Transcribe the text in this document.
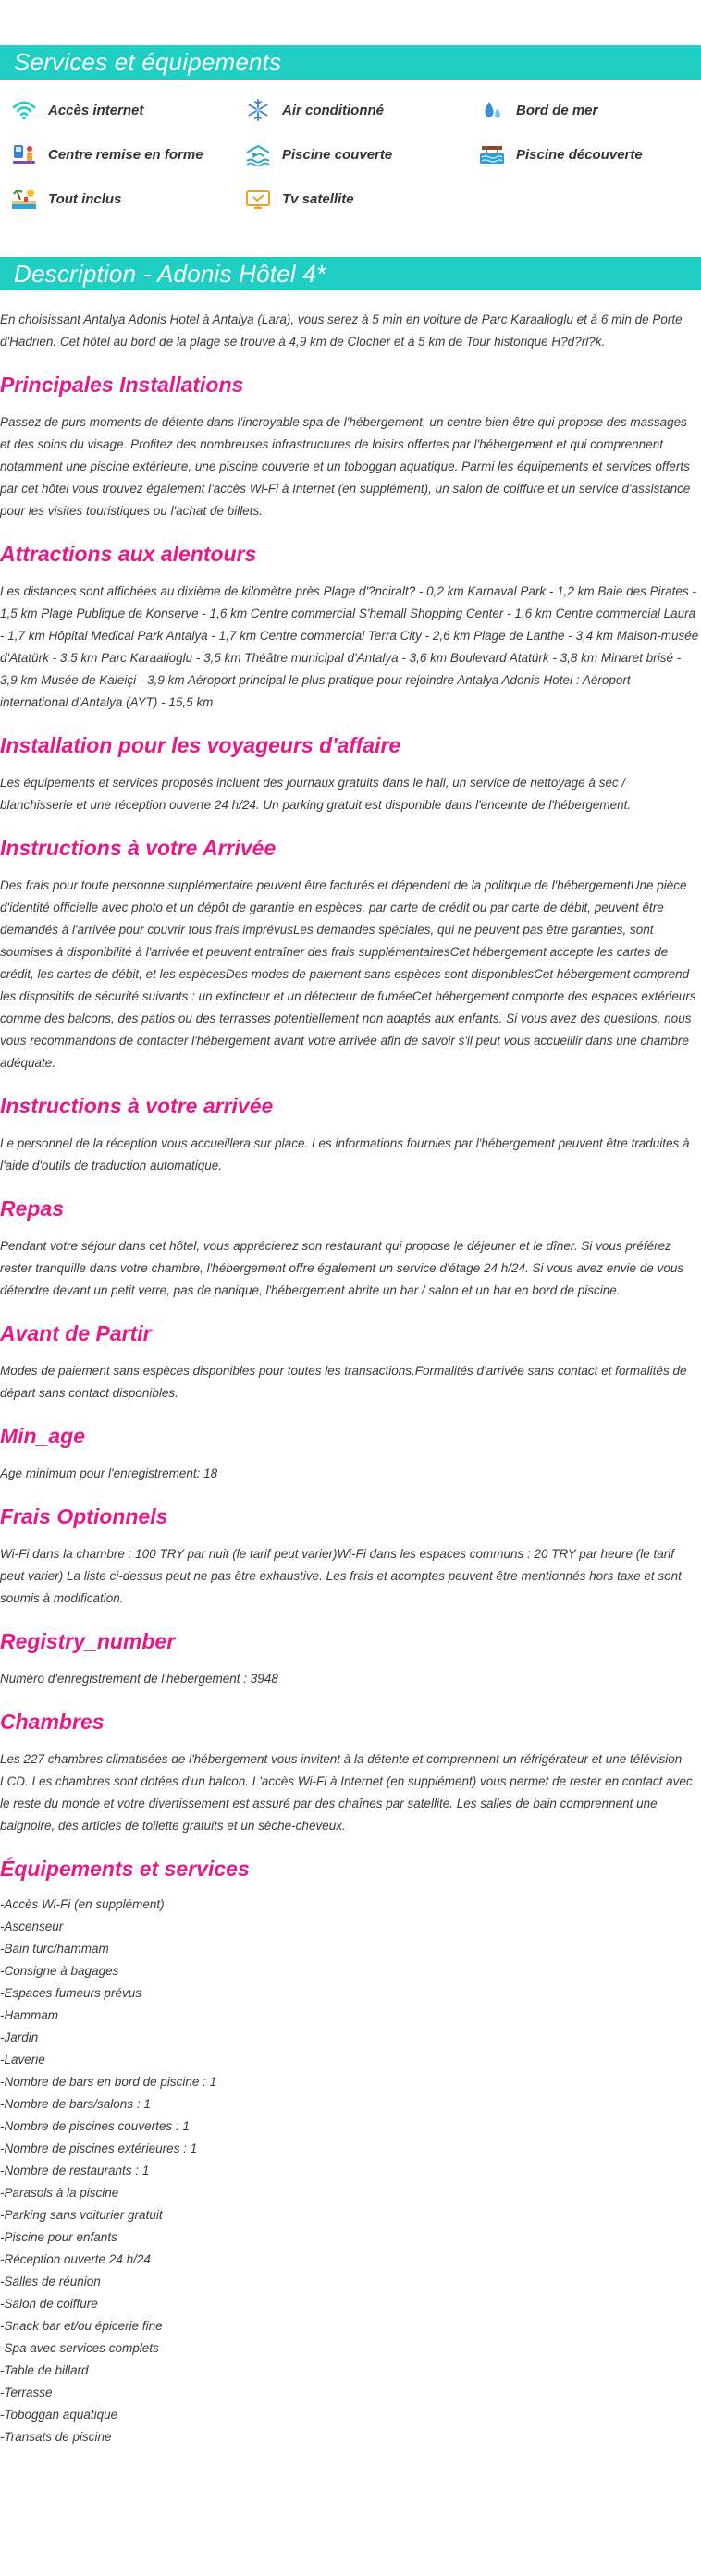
Services et équipements
Accès internet	Air conditionné	Bord de mer
Centre remise en forme	Piscine couverte	Piscine découverte
Tout inclus	Tv satellite
Description - Adonis Hôtel 4*

En choisissant Antalya Adonis Hotel à Antalya (Lara), vous serez à 5 min en voiture de Parc Karaalioglu et à 6 min de Porte d'Hadrien. Cet hôtel au bord de la plage se trouve à 4,9 km de Clocher et à 5 km de Tour historique H?d?rl?k.

Principales Installations

Passez de purs moments de détente dans l'incroyable spa de l'hébergement, un centre bien-être qui propose des massages et des soins du visage. Profitez des nombreuses infrastructures de loisirs offertes par l'hébergement et qui comprennent notamment une piscine extérieure, une piscine couverte et un toboggan aquatique. Parmi les équipements et services offerts par cet hôtel vous trouvez également l'accès Wi-Fi à Internet (en supplément), un salon de coiffure et un service d'assistance pour les visites touristiques ou l'achat de billets.

Attractions aux alentours

Les distances sont affichées au dixième de kilomètre près Plage d'?nciralt? - 0,2 km Karnaval Park - 1,2 km Baie des Pirates - 1,5 km Plage Publique de Konserve - 1,6 km Centre commercial S'hemall Shopping Center - 1,6 km Centre commercial Laura - 1,7 km Hôpital Medical Park Antalya - 1,7 km Centre commercial Terra City - 2,6 km Plage de Lanthe - 3,4 km Maison-musée d'Atatürk - 3,5 km Parc Karaalioglu - 3,5 km Théâtre municipal d'Antalya - 3,6 km Boulevard Atatürk - 3,8 km Minaret brisé - 3,9 km Musée de Kaleiçi - 3,9 km Aéroport principal le plus pratique pour rejoindre Antalya Adonis Hotel : Aéroport international d'Antalya (AYT) - 15,5 km

Installation pour les voyageurs d'affaire

Les équipements et services proposés incluent des journaux gratuits dans le hall, un service de nettoyage à sec / blanchisserie et une réception ouverte 24 h/24. Un parking gratuit est disponible dans l'enceinte de l'hébergement.

Instructions à votre Arrivée

Des frais pour toute personne supplémentaire peuvent être facturés et dépendent de la politique de l'hébergementUne pièce d'identité officielle avec photo et un dépôt de garantie en espèces, par carte de crédit ou par carte de débit, peuvent être demandés à l'arrivée pour couvrir tous frais imprévusLes demandes spéciales, qui ne peuvent pas être garanties, sont soumises à disponibilité à l'arrivée et peuvent entraîner des frais supplémentairesCet hébergement accepte les cartes de crédit, les cartes de débit, et les espècesDes modes de paiement sans espèces sont disponiblesCet hébergement comprend les dispositifs de sécurité suivants : un extincteur et un détecteur de fuméeCet hébergement comporte des espaces extérieurs comme des balcons, des patios ou des terrasses potentiellement non adaptés aux enfants. Si vous avez des questions, nous vous recommandons de contacter l'hébergement avant votre arrivée afin de savoir s'il peut vous accueillir dans une chambre adéquate.

Instructions à votre arrivée

Le personnel de la réception vous accueillera sur place. Les informations fournies par l'hébergement peuvent être traduites à l'aide d'outils de traduction automatique.

Repas

Pendant votre séjour dans cet hôtel, vous apprécierez son restaurant qui propose le déjeuner et le dîner. Si vous préférez rester tranquille dans votre chambre, l'hébergement offre également un service d'étage 24 h/24. Si vous avez envie de vous détendre devant un petit verre, pas de panique, l'hébergement abrite un bar / salon et un bar en bord de piscine.

Avant de Partir

Modes de paiement sans espèces disponibles pour toutes les transactions.Formalités d'arrivée sans contact et formalités de départ sans contact disponibles.

Min_age

Age minimum pour l'enregistrement: 18

Frais Optionnels

Wi-Fi dans la chambre : 100 TRY par nuit (le tarif peut varier)Wi-Fi dans les espaces communs : 20 TRY par heure (le tarif peut varier) La liste ci-dessus peut ne pas être exhaustive. Les frais et acomptes peuvent être mentionnés hors taxe et sont soumis à modification.

Registry_number

Numéro d'enregistrement de l'hébergement : 3948

Chambres

Les 227 chambres climatisées de l'hébergement vous invitent à la détente et comprennent un réfrigérateur et une télévision LCD. Les chambres sont dotées d'un balcon. L'accès Wi-Fi à Internet (en supplément) vous permet de rester en contact avec le reste du monde et votre divertissement est assuré par des chaînes par satellite. Les salles de bain comprennent une baignoire, des articles de toilette gratuits et un sèche-cheveux.

Équipements et services
-Accès Wi-Fi (en supplément)
-Ascenseur
-Bain turc/hammam
-Consigne à bagages
-Espaces fumeurs prévus
-Hammam
-Jardin
-Laverie
-Nombre de bars en bord de piscine : 1
-Nombre de bars/salons : 1
-Nombre de piscines couvertes : 1
-Nombre de piscines extérieures : 1
-Nombre de restaurants : 1
-Parasols à la piscine
-Parking sans voiturier gratuit
-Piscine pour enfants
-Réception ouverte 24 h/24
-Salles de réunion
-Salon de coiffure
-Snack bar et/ou épicerie fine
-Spa avec services complets
-Table de billard
-Terrasse
-Toboggan aquatique
-Transats de piscine
